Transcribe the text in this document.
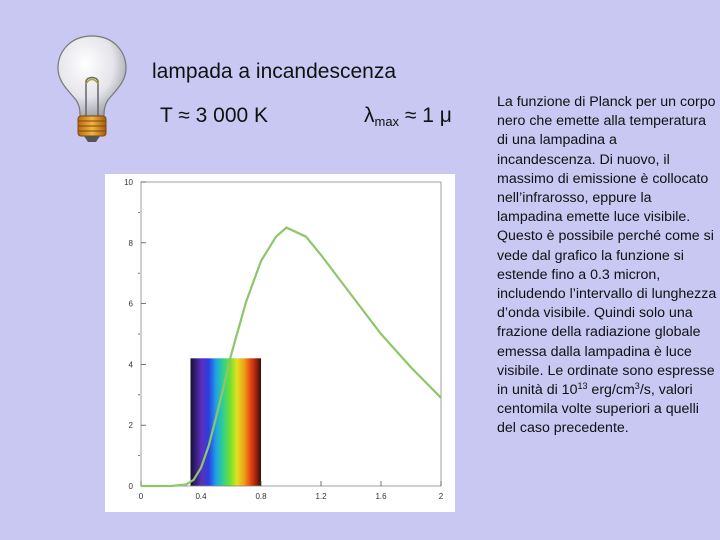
lampada a incandescenza
T ≈ 3 000 K	$\lambda_{max} \approx 1$ μ
La funzione di Planck per un corpo nero che emette alla temperatura di una lampadina a incandescenza. Di nuovo, il massimo di emissione è collocato nell’infrarosso, eppure la lampadina emette luce visibile. Questo è possibile perché come si vede dal grafico la funzione si estende fino a 0.3 micron, includendo l’intervallo di lunghezza d’onda visibile. Quindi solo una frazione della radiazione globale emessa dalla lampadina è luce visibile. Le ordinate sono espresse in unità di $10^{13}$ erg/$cm^3/s$, valori centomila volte superiori a quelli del caso precedente.
0
2
4
6
8
10
0	0.4	0.8	1.2	1.6	2
